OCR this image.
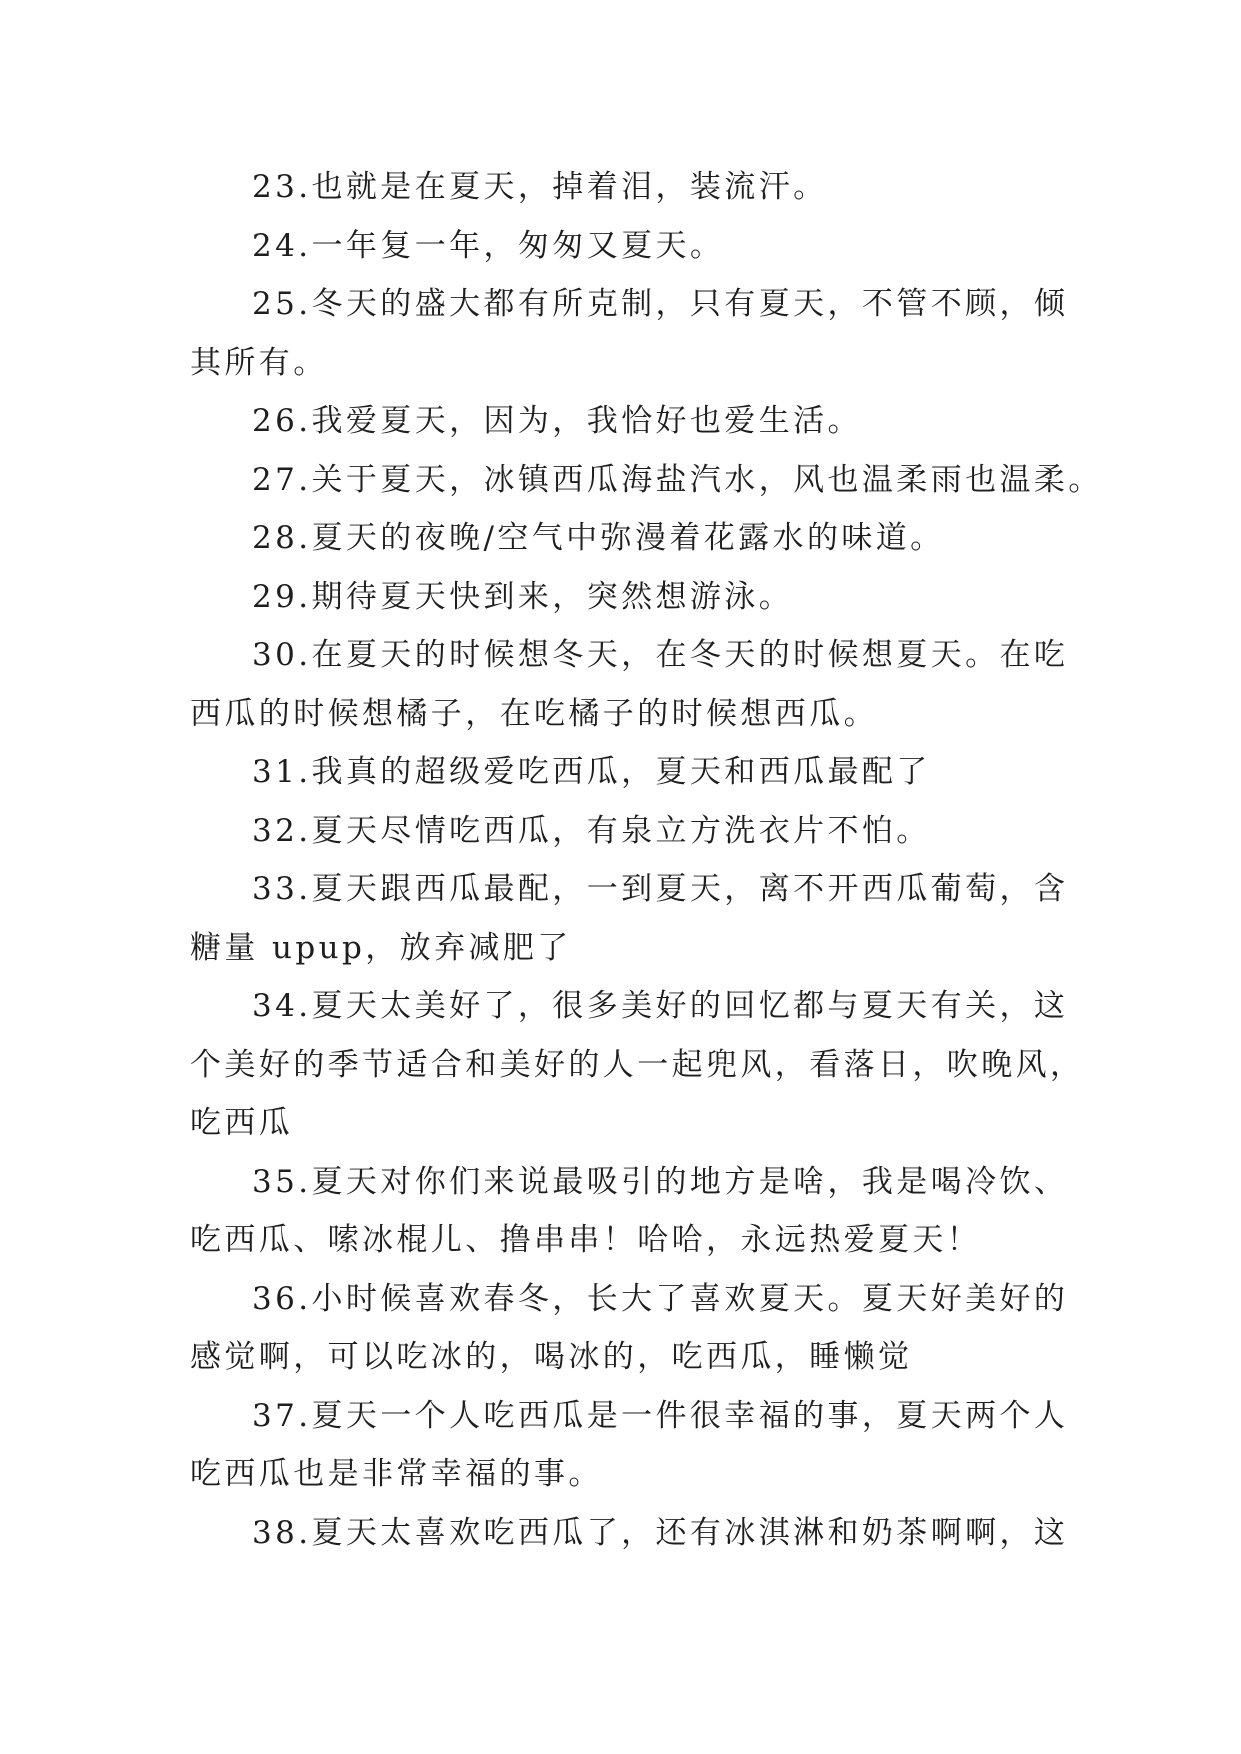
23.也就是在夏天，掉着泪，装流汗。
24.一年复一年，匆匆又夏天。
25.冬天的盛大都有所克制，只有夏天，不管不顾，倾
其所有。
26.我爱夏天，因为，我恰好也爱生活。
27.关于夏天，冰镇西瓜海盐汽水，风也温柔雨也温柔。
28.夏天的夜晚/空气中弥漫着花露水的味道。
29.期待夏天快到来，突然想游泳。
30.在夏天的时候想冬天，在冬天的时候想夏天。在吃
西瓜的时候想橘子，在吃橘子的时候想西瓜。
31.我真的超级爱吃西瓜，夏天和西瓜最配了
32.夏天尽情吃西瓜，有泉立方洗衣片不怕。
33.夏天跟西瓜最配，一到夏天，离不开西瓜葡萄，含
糖量 upup，放弃减肥了
34.夏天太美好了，很多美好的回忆都与夏天有关，这
个美好的季节适合和美好的人一起兜风，看落日，吹晚风，
吃西瓜
35.夏天对你们来说最吸引的地方是啥，我是喝冷饮、
吃西瓜、嗦冰棍儿、撸串串！哈哈，永远热爱夏天！
36.小时候喜欢春冬，长大了喜欢夏天。夏天好美好的
感觉啊，可以吃冰的，喝冰的，吃西瓜，睡懒觉
37.夏天一个人吃西瓜是一件很幸福的事，夏天两个人
吃西瓜也是非常幸福的事。
38.夏天太喜欢吃西瓜了，还有冰淇淋和奶茶啊啊，这
